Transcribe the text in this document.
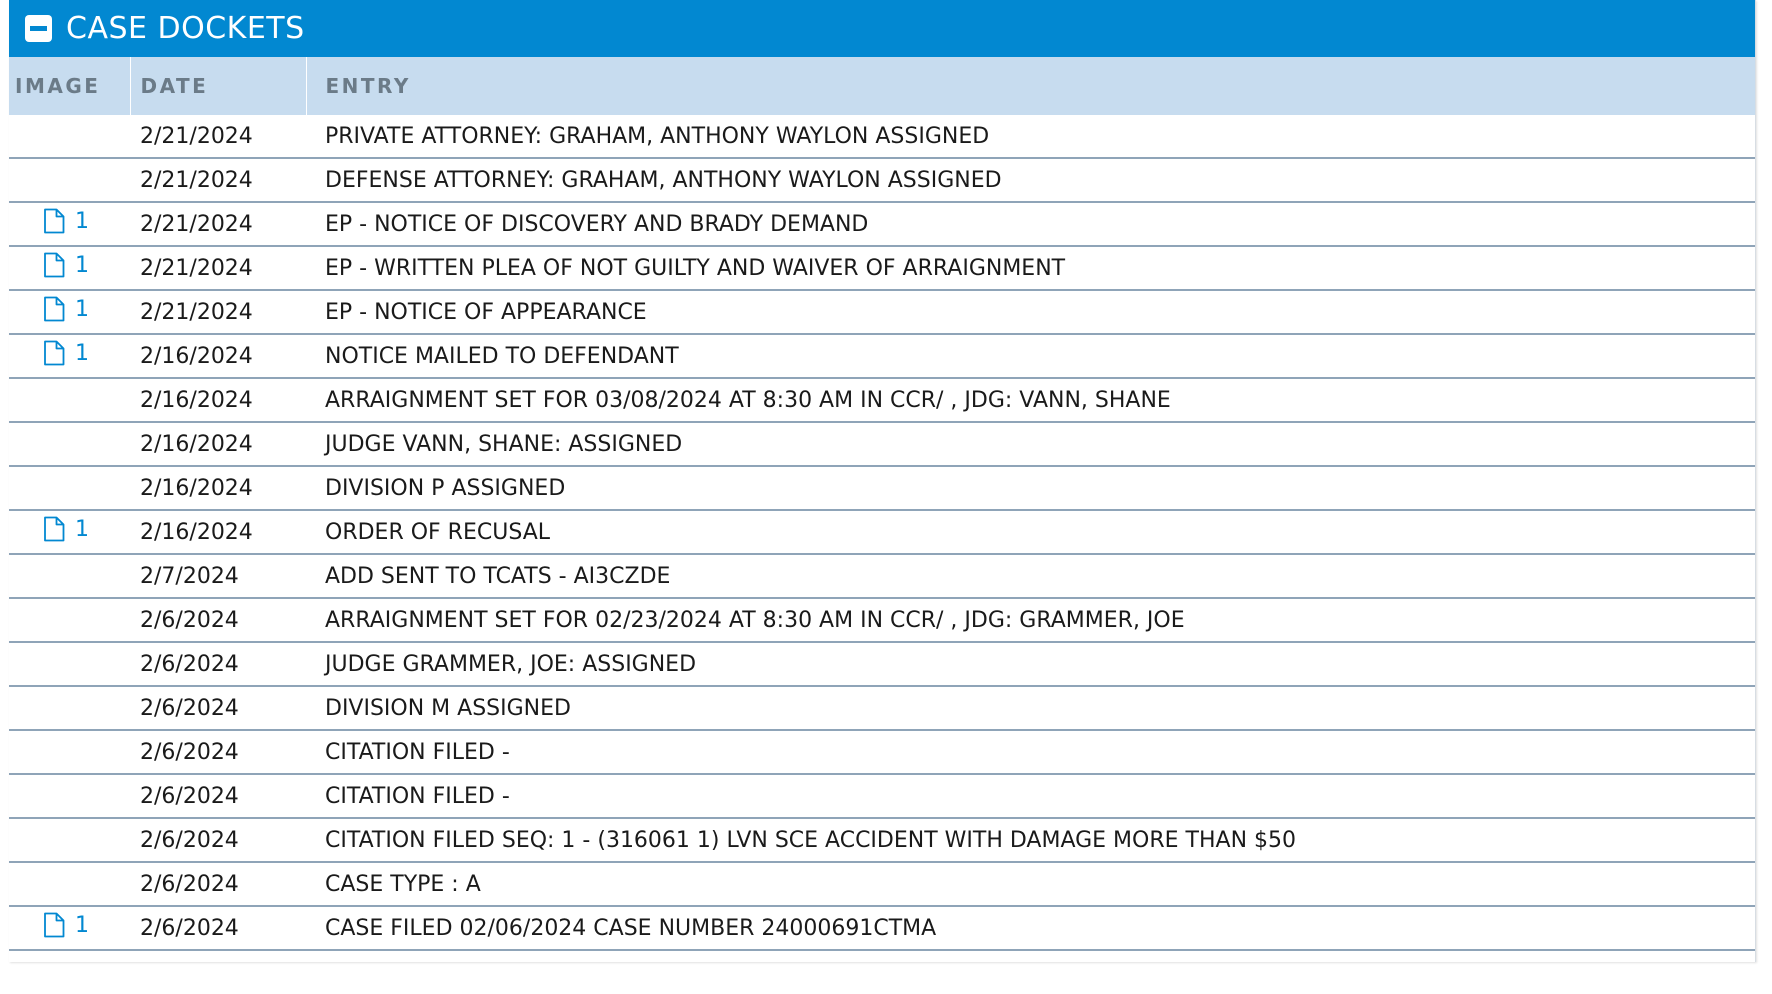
CASE DOCKETS
IMAGE	DATE	ENTRY
	2/21/2024	PRIVATE ATTORNEY: GRAHAM, ANTHONY WAYLON ASSIGNED
	2/21/2024	DEFENSE ATTORNEY: GRAHAM, ANTHONY WAYLON ASSIGNED

1	2/21/2024	EP - NOTICE OF DISCOVERY AND BRADY DEMAND

1	2/21/2024	EP - WRITTEN PLEA OF NOT GUILTY AND WAIVER OF ARRAIGNMENT

1	2/21/2024	EP - NOTICE OF APPEARANCE

1	2/16/2024	NOTICE MAILED TO DEFENDANT
	2/16/2024	ARRAIGNMENT SET FOR 03/08/2024 AT 8:30 AM IN CCR/ , JDG: VANN, SHANE
	2/16/2024	JUDGE VANN, SHANE: ASSIGNED
	2/16/2024	DIVISION P ASSIGNED

1	2/16/2024	ORDER OF RECUSAL
	2/7/2024	ADD SENT TO TCATS - AI3CZDE
	2/6/2024	ARRAIGNMENT SET FOR 02/23/2024 AT 8:30 AM IN CCR/ , JDG: GRAMMER, JOE
	2/6/2024	JUDGE GRAMMER, JOE: ASSIGNED
	2/6/2024	DIVISION M ASSIGNED
	2/6/2024	CITATION FILED -
	2/6/2024	CITATION FILED -
	2/6/2024	CITATION FILED SEQ: 1 - (316061 1) LVN SCE ACCIDENT WITH DAMAGE MORE THAN $50
	2/6/2024	CASE TYPE : A

1	2/6/2024	CASE FILED 02/06/2024 CASE NUMBER 24000691CTMA
